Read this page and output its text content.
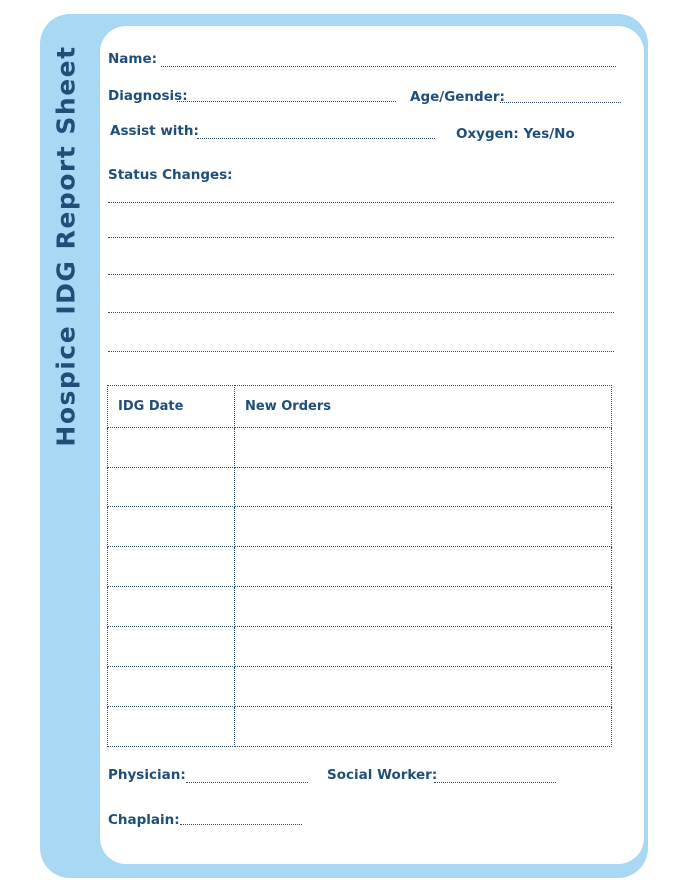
Hospice IDG Report Sheet Name:
Diagnosis:	Age/Gender:
Assist with:	Oxygen: Yes/No
Status Changes:
IDG Date	New Orders

Physician:	Social Worker:
Chaplain:
